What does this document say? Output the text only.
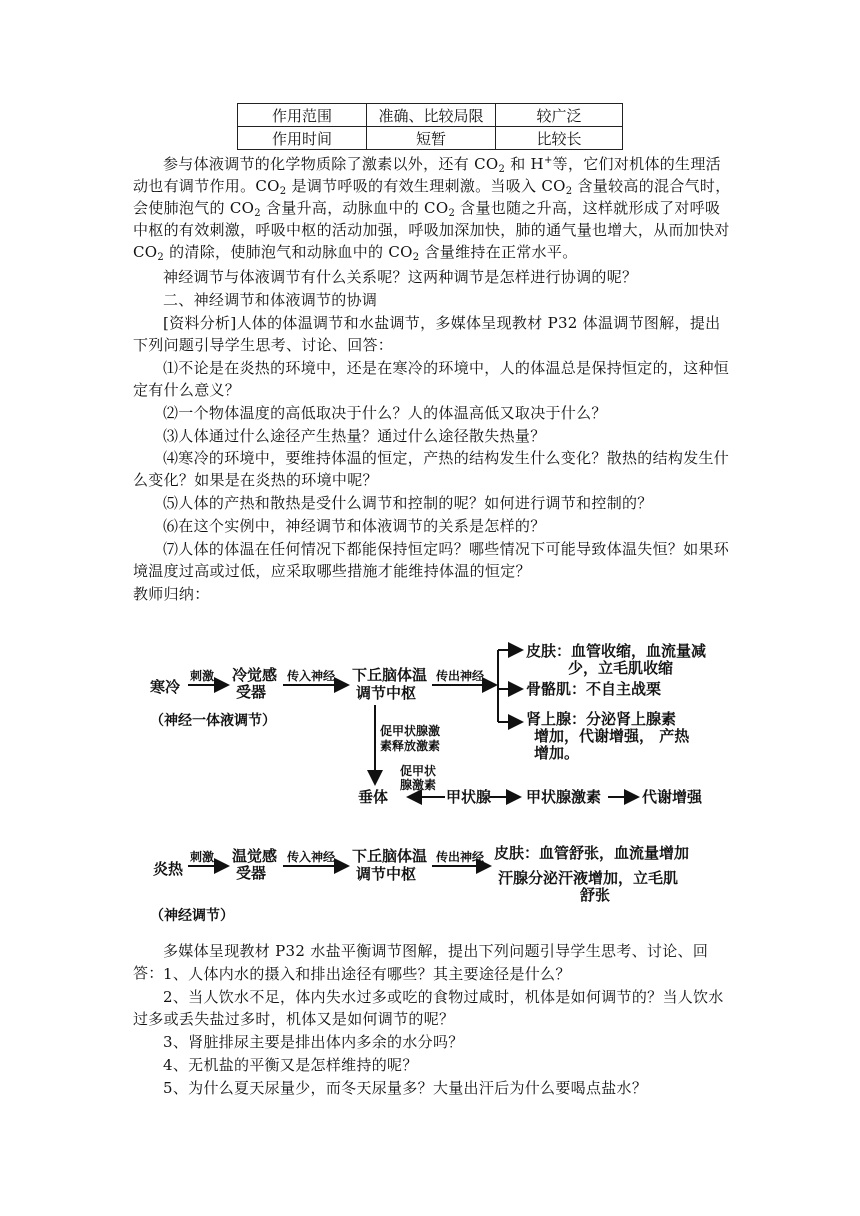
作用范围	准确、比较局限	较广泛
作用时间	短暂	比较长

参与体液调节的化学物质除了激素以外，还有 $CO_2$ 和 H+等，它们对机体的生理活动也有调节作用。$CO_2$ 是调节呼吸的有效生理刺激。当吸入 $CO_2$ 含量较高的混合气时，会使肺泡气的 $CO_2$ 含量升高，动脉血中的 $CO_2$ 含量也随之升高，这样就形成了对呼吸中枢的有效刺激，呼吸中枢的活动加强，呼吸加深加快，肺的通气量也增大，从而加快对 $CO_2$ 的清除，使肺泡气和动脉血中的 $CO_2$ 含量维持在正常水平。

神经调节与体液调节有什么关系呢？这两种调节是怎样进行协调的呢？

二、神经调节和体液调节的协调

[资料分析]人体的体温调节和水盐调节，多媒体呈现教材 P32 体温调节图解，提出下列问题引导学生思考、讨论、回答：

⑴不论是在炎热的环境中，还是在寒冷的环境中，人的体温总是保持恒定的，这种恒定有什么意义？

⑵一个物体温度的高低取决于什么？人的体温高低又取决于什么？

⑶人体通过什么途径产生热量？通过什么途径散失热量？

⑷寒冷的环境中，要维持体温的恒定，产热的结构发生什么变化？散热的结构发生什么变化？如果是在炎热的环境中呢？

⑸人体的产热和散热是受什么调节和控制的呢？如何进行调节和控制的？

⑹在这个实例中，神经调节和体液调节的关系是怎样的？

⑺人体的体温在任何情况下都能保持恒定吗？哪些情况下可能导致体温失恒？如果环境温度过高或过低，应采取哪些措施才能维持体温的恒定？

教师归纳：

寒冷
刺激 冷觉感
受器
传入神经 下丘脑体温
调节中枢
传出神经
皮肤：血管收缩，血流量减
少，立毛肌收缩
骨骼肌：不自主战栗
肾上腺：分泌肾上腺素
增加，代谢增强， 产热
增加。
（神经一体液调节）
促甲状腺激
素释放激素
垂体
促甲状
腺激素
甲状腺 甲状腺激素	代谢增强
炎热
刺激 温觉感
受器
传入神经 下丘脑体温
调节中枢
传出神经 皮肤：血管舒张，血流量增加
汗腺分泌汗液增加，立毛肌
舒张
（神经调节）

多媒体呈现教材 P32 水盐平衡调节图解，提出下列问题引导学生思考、讨论、回答： 1、人体内水的摄入和排出途径有哪些？其主要途径是什么？

2、当人饮水不足，体内失水过多或吃的食物过咸时，机体是如何调节的？当人饮水过多或丢失盐过多时，机体又是如何调节的呢？

3、肾脏排尿主要是排出体内多余的水分吗？

4、无机盐的平衡又是怎样维持的呢？

5、为什么夏天尿量少，而冬天尿量多？大量出汗后为什么要喝点盐水？
